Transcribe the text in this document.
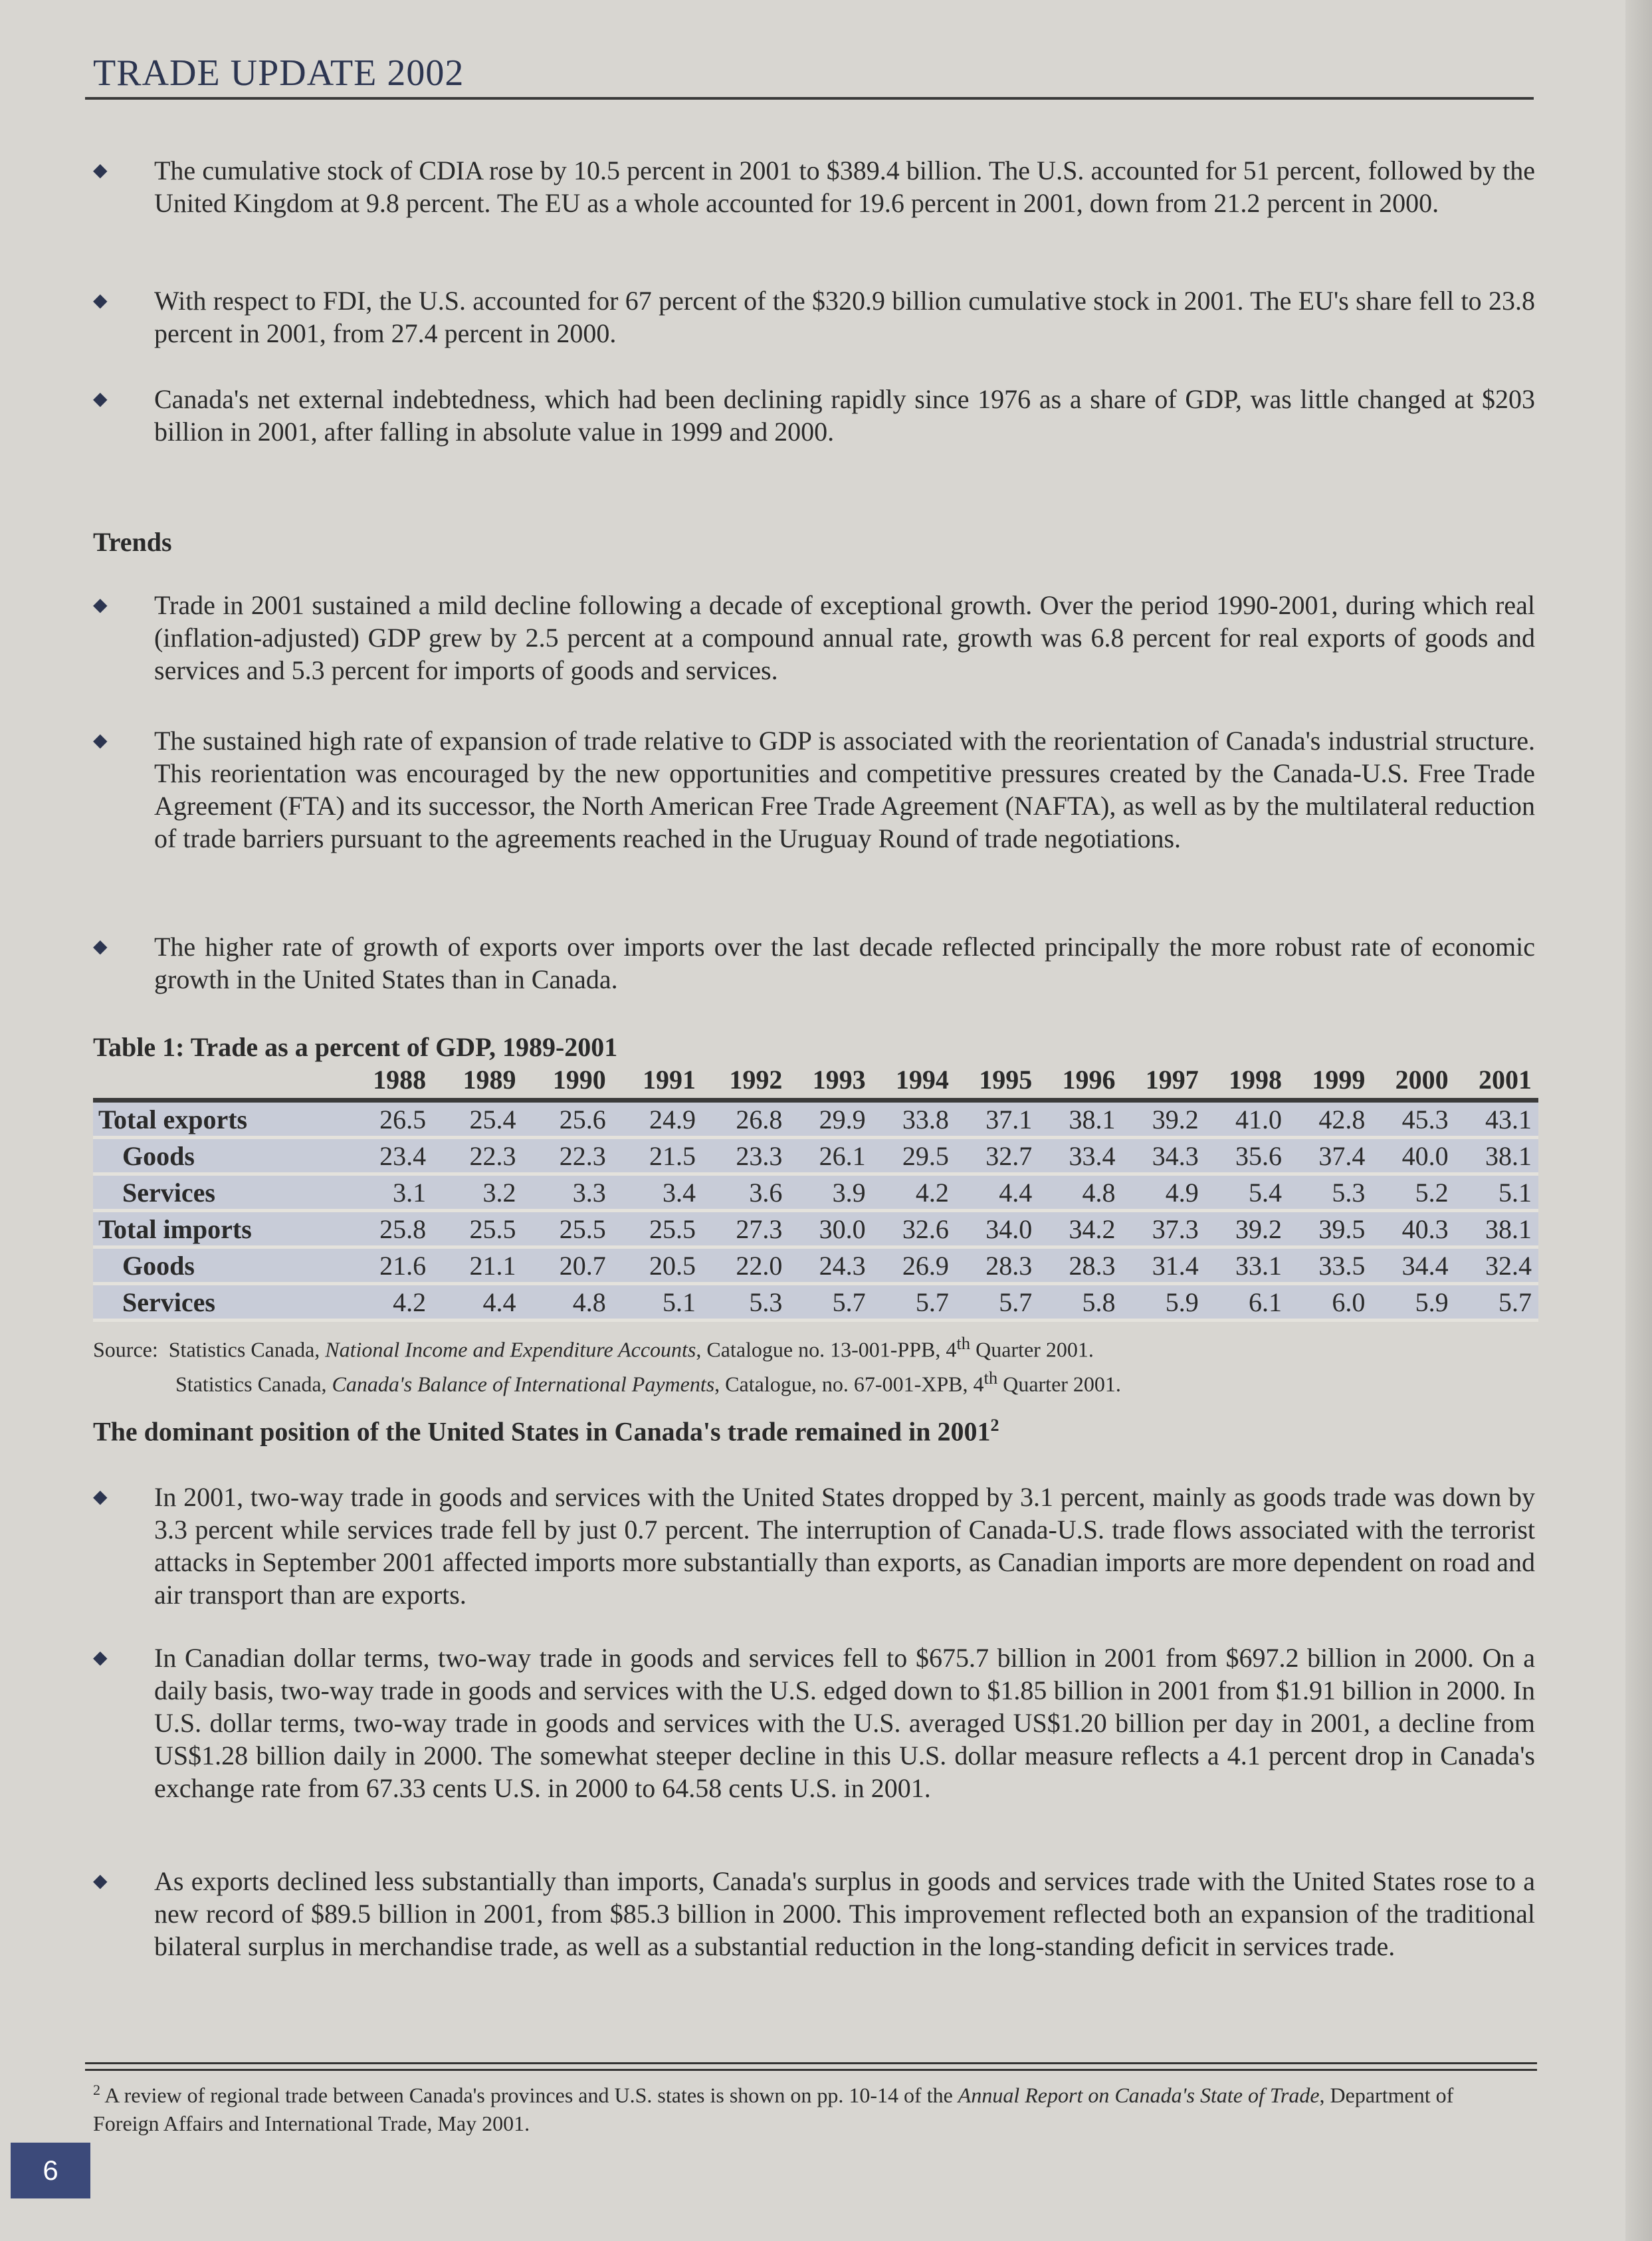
TRADE UPDATE 2002
◆ The cumulative stock of CDIA rose by 10.5 percent in 2001 to $389.4 billion. The U.S. accounted for 51 percent, followed by the United Kingdom at 9.8 percent. The EU as a whole accounted for 19.6 percent in 2001, down from 21.2 percent in 2000.
◆ With respect to FDI, the U.S. accounted for 67 percent of the $320.9 billion cumulative stock in 2001. The EU's share fell to 23.8 percent in 2001, from 27.4 percent in 2000.
◆ Canada's net external indebtedness, which had been declining rapidly since 1976 as a share of GDP, was little changed at $203 billion in 2001, after falling in absolute value in 1999 and 2000.
Trends
◆ Trade in 2001 sustained a mild decline following a decade of exceptional growth. Over the period 1990-2001, during which real (inflation-adjusted) GDP grew by 2.5 percent at a compound annual rate, growth was 6.8 percent for real exports of goods and services and 5.3 percent for imports of goods and services.
◆ The sustained high rate of expansion of trade relative to GDP is associated with the reorientation of Canada's industrial structure. This reorientation was encouraged by the new opportunities and competitive pressures created by the Canada-U.S. Free Trade Agreement (FTA) and its successor, the North American Free Trade Agreement (NAFTA), as well as by the multilateral reduction of trade barriers pursuant to the agreements reached in the Uruguay Round of trade negotiations.
◆ The higher rate of growth of exports over imports over the last decade reflected principally the more robust rate of economic growth in the United States than in Canada.
Table 1: Trade as a percent of GDP, 1989-2001
	1988	1989	1990	1991	1992	1993	1994	1995	1996	1997	1998	1999	2000	2001
Total exports	26.5	25.4	25.6	24.9	26.8	29.9	33.8	37.1	38.1	39.2	41.0	42.8	45.3	43.1
Goods	23.4	22.3	22.3	21.5	23.3	26.1	29.5	32.7	33.4	34.3	35.6	37.4	40.0	38.1
Services	3.1	3.2	3.3	3.4	3.6	3.9	4.2	4.4	4.8	4.9	5.4	5.3	5.2	5.1
Total imports	25.8	25.5	25.5	25.5	27.3	30.0	32.6	34.0	34.2	37.3	39.2	39.5	40.3	38.1
Goods	21.6	21.1	20.7	20.5	22.0	24.3	26.9	28.3	28.3	31.4	33.1	33.5	34.4	32.4
Services	4.2	4.4	4.8	5.1	5.3	5.7	5.7	5.7	5.8	5.9	6.1	6.0	5.9	5.7
Source: Statistics Canada, National Income and Expenditure Accounts, Catalogue no. 13-001-PPB, 4th Quarter 2001.
Statistics Canada, Canada's Balance of International Payments, Catalogue, no. 67-001-XPB, 4th Quarter 2001.
The dominant position of the United States in Canada's trade remained in 2001$^2$
◆ In 2001, two-way trade in goods and services with the United States dropped by 3.1 percent, mainly as goods trade was down by 3.3 percent while services trade fell by just 0.7 percent. The interruption of Canada-U.S. trade flows associated with the terrorist attacks in September 2001 affected imports more substantially than exports, as Canadian imports are more dependent on road and air transport than are exports.
◆ In Canadian dollar terms, two-way trade in goods and services fell to $675.7 billion in 2001 from $697.2 billion in 2000. On a daily basis, two-way trade in goods and services with the U.S. edged down to $1.85 billion in 2001 from $1.91 billion in 2000. In U.S. dollar terms, two-way trade in goods and services with the U.S. averaged US$1.20 billion per day in 2001, a decline from US$1.28 billion daily in 2000. The somewhat steeper decline in this U.S. dollar measure reflects a 4.1 percent drop in Canada's exchange rate from 67.33 cents U.S. in 2000 to 64.58 cents U.S. in 2001.
◆ As exports declined less substantially than imports, Canada's surplus in goods and services trade with the United States rose to a new record of $89.5 billion in 2001, from $85.3 billion in 2000. This improvement reflected both an expansion of the traditional bilateral surplus in merchandise trade, as well as a substantial reduction in the long-standing deficit in services trade.
$^2$ A review of regional trade between Canada's provinces and U.S. states is shown on pp. 10-14 of the Annual Report on Canada's State of Trade, Department of Foreign Affairs and International Trade, May 2001.
6
